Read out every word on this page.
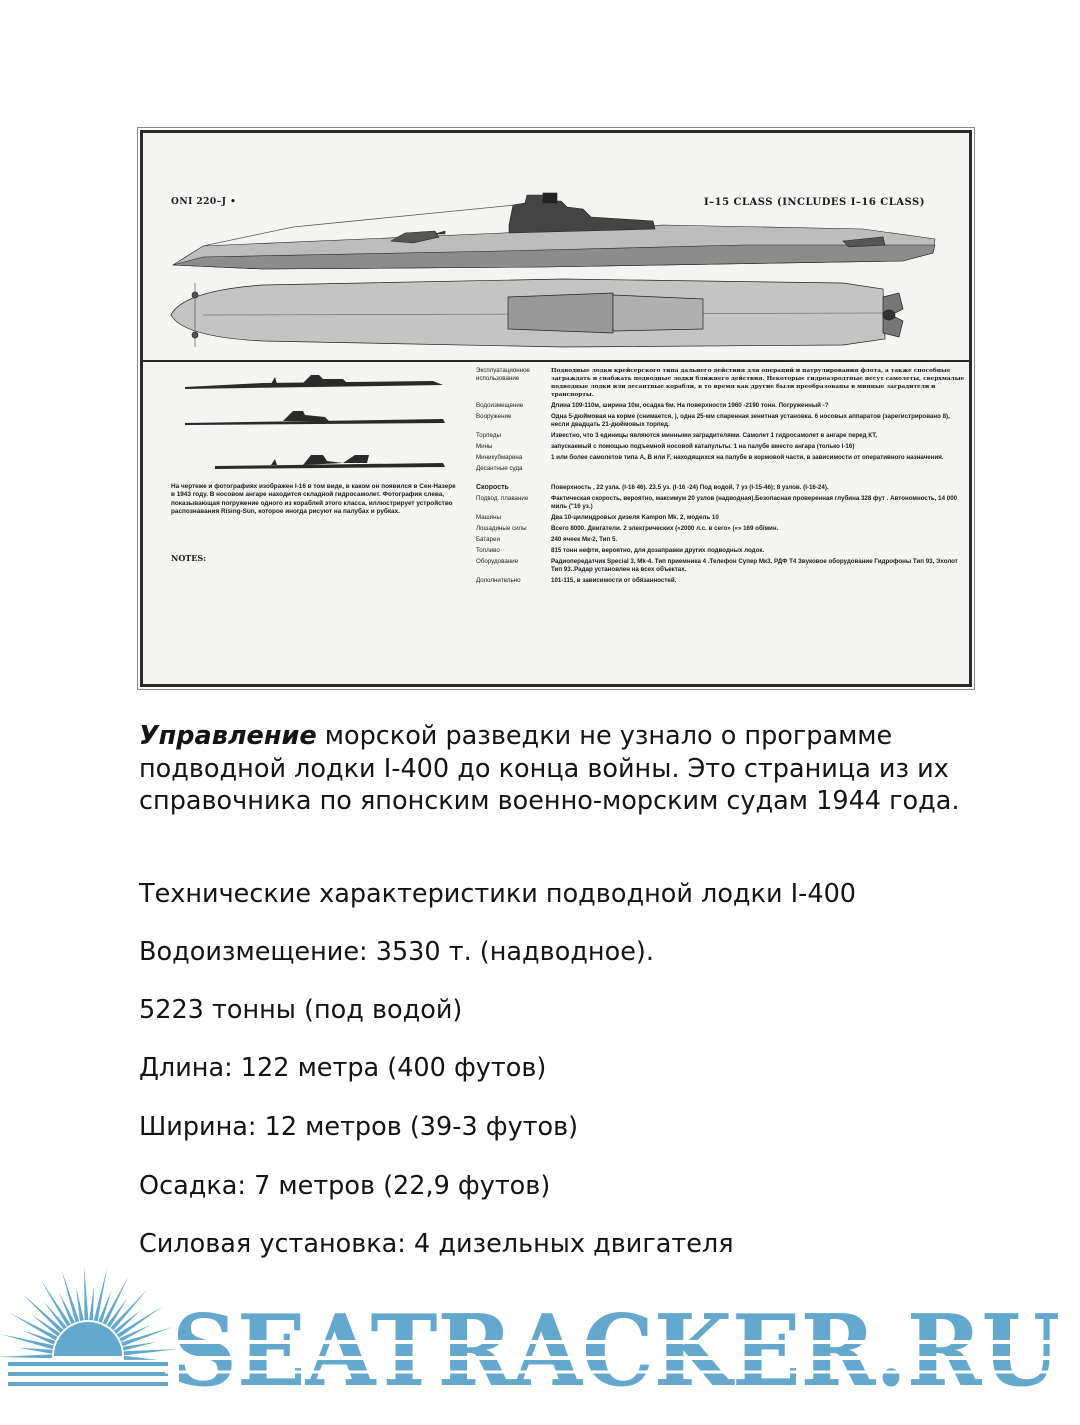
ONI 220–J •	I–15 CLASS (INCLUDES I–16 CLASS)
На чертеже и фотографиях изображен I-16 в том виде, в каком он появился в Сен-Назере в 1943 году. В носовом ангаре находится складной гидросамолет. Фотография слева, показывающая погружение одного из кораблей этого класса, иллюстрирует устройство распознавания Rising-Sun, которое иногда рисуют на палубах и рубках.
NOTES:
Эксплуатационное использование	Подводные лодки крейсерского типа дальнего действия для операций и патрулирования флота, а также способные заграждать и снабжать подводные лодки ближнего действия. Некоторые гидроаэродтные несут самолеты, сверхмалые подводные лодки или десантные корабли, в то время как другие были преобразованы в минные заградители и транспорты.
Водоизмещение	Длина 109-110м, ширина 10м, осадка 6м. На поверхности 1960 -2190 тонн. Погруженный -?
Вооружение	Одна 5-дюймовая на корме (снимается, ), одна 25-мм спаренная зенитная установка. 6 носовых аппаратов (зарегистрировано 8), несли двадцать 21-дюймовых торпед.
Торпеды	Известно, что 3 единицы являются минными заградителями. Самолет 1 гидросамолет в ангаре перед КТ,
Мины	запускаемый с помощью подъемной носовой катапульты. 1 на палубе вместо ангара (только I-16)
Миникубмарина	1 или более самолетов типа A, B или F, находящихся на палубе в кормовой части, в зависимости от оперативного назначения.
Десантные суда	
Скорость	Поверхность , 22 узла. (I-16 46). 23.5 уз. (I-16 -24) Под водой, 7 уз (I-15-46); 8 узлов. (I-16-24).
Подвод. плавание	Фактическая скорость, вероятно, максимум 20 узлов (надводная).Безопасная проверенная глубина 328 фут . Автономность, 14 000 миль ("16 уз.)
Машины	Два 10-цилиндровых дизеля Kampon Mk. 2, модель 10
Лошадиные силы	Всего 8000. Двигатели. 2 электрических («2000 л.с. в сего» («» 169 об/мин.
Батареи	240 ячеек Мк-2, Тип 5.
Топливо	815 тонн нефти, вероятно, для дозаправки других подводных лодок.
Оборудование	Радиопередатчик Special 3, Mk-4. Тип приемника 4 .Телефон Супер Мк3. РДФ Т4 Звуковое оборудование Гидрофоны Тип 93, Эхолот Тип 93..Радар установлен на всех объектах.
Дополнительно	101-115, в зависимости от обязанностей.

Управление морской разведки не узнало о программе подводной лодки I-400 до конца войны. Это страница из их справочника по японским военно-морским судам 1944 года.

Технические характеристики подводной лодки I-400

Водоизмещение: 3530 т. (надводное).

5223 тонны (под водой)

Длина: 122 метра (400 футов)

Ширина: 12 метров (39-3 футов)

Осадка: 7 метров (22,9 футов)

Силовая установка: 4 дизельных двигателя

SEATRACKER.RU
